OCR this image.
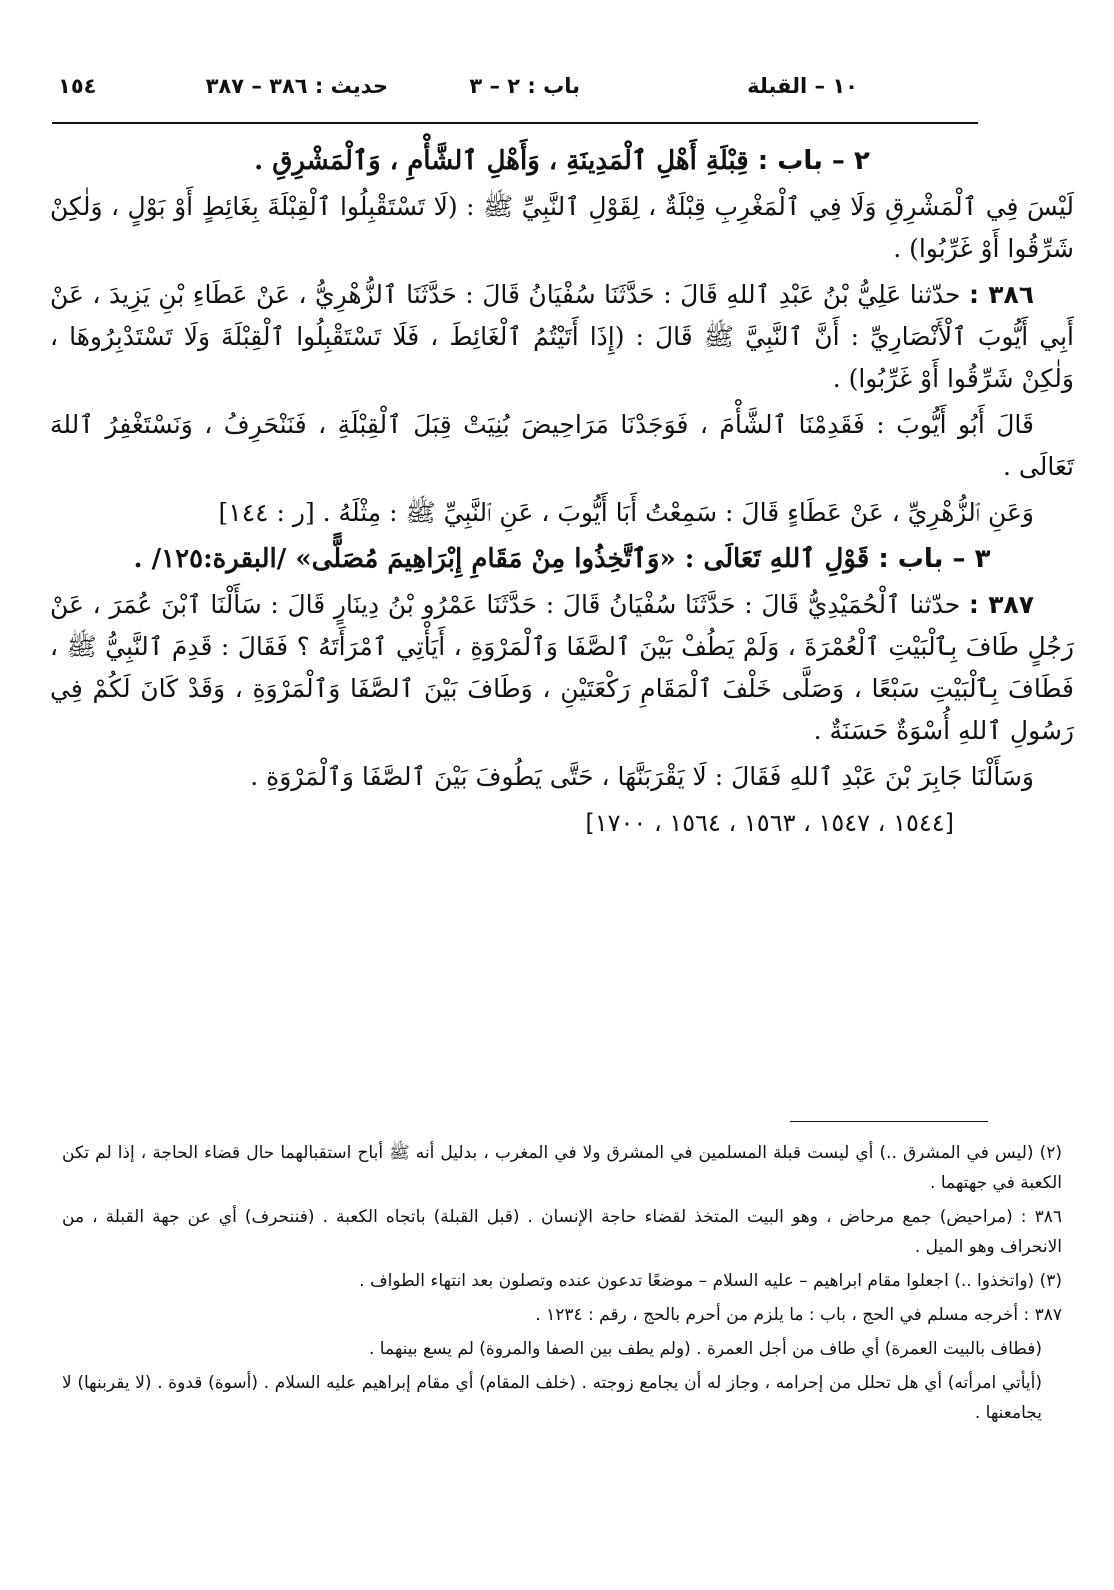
١٠ – القبلة
باب : ٢ – ٣
حديث : ٣٨٦ – ٣٨٧
١٥٤

٢ – باب : قِبْلَةِ أَهْلِ ٱلْمَدِينَةِ ، وَأَهْلِ ٱلشَّأْمِ ، وَٱلْمَشْرِقِ .

لَيْسَ فِي ٱلْمَشْرِقِ وَلَا فِي ٱلْمَغْرِبِ قِبْلَةٌ ، لِقَوْلِ ٱلنَّبِيِّ ﷺ : (لَا تَسْتَقْبِلُوا ٱلْقِبْلَةَ بِغَائِطٍ أَوْ بَوْلٍ ، وَلٰكِنْ شَرِّقُوا أَوْ غَرِّبُوا) .

٣٨٦ : حدّثنا عَلِيُّ بْنُ عَبْدِ ٱللهِ قَالَ : حَدَّثَنَا سُفْيَانُ قَالَ : حَدَّثَنَا ٱلزُّهْرِيُّ ، عَنْ عَطَاءِ بْنِ يَزِيدَ ، عَنْ أَبِي أَيُّوبَ ٱلْأَنْصَارِيِّ : أَنَّ ٱلنَّبِيَّ ﷺ قَالَ : (إِذَا أَتَيْتُمُ ٱلْغَائِطَ ، فَلَا تَسْتَقْبِلُوا ٱلْقِبْلَةَ وَلَا تَسْتَدْبِرُوهَا ، وَلٰكِنْ شَرِّقُوا أَوْ غَرِّبُوا) .

قَالَ أَبُو أَيُّوبَ : فَقَدِمْنَا ٱلشَّأْمَ ، فَوَجَدْنَا مَرَاحِيضَ بُنِيَتْ قِبَلَ ٱلْقِبْلَةِ ، فَنَنْحَرِفُ ، وَنَسْتَغْفِرُ ٱللهَ تَعَالَى .

وَعَنِ ٱلزُّهْرِيِّ ، عَنْ عَطَاءٍ قَالَ : سَمِعْتُ أَبَا أَيُّوبَ ، عَنِ ٱلنَّبِيِّ ﷺ : مِثْلَهُ . [ر : ١٤٤]

٣ – باب : قَوْلِ ٱللهِ تَعَالَى : «وَٱتَّخِذُوا مِنْ مَقَامِ إِبْرَاهِيمَ مُصَلًّى» /البقرة:١٢٥/ .

٣٨٧ : حدّثنا ٱلْحُمَيْدِيُّ قَالَ : حَدَّثَنَا سُفْيَانُ قَالَ : حَدَّثَنَا عَمْرُو بْنُ دِينَارٍ قَالَ : سَأَلْنَا ٱبْنَ عُمَرَ ، عَنْ رَجُلٍ طَافَ بِٱلْبَيْتِ ٱلْعُمْرَةَ ، وَلَمْ يَطُفْ بَيْنَ ٱلصَّفَا وَٱلْمَرْوَةِ ، أَيَأْتِي ٱمْرَأَتَهُ ؟ فَقَالَ : قَدِمَ ٱلنَّبِيُّ ﷺ ، فَطَافَ بِٱلْبَيْتِ سَبْعًا ، وَصَلَّى خَلْفَ ٱلْمَقَامِ رَكْعَتَيْنِ ، وَطَافَ بَيْنَ ٱلصَّفَا وَٱلْمَرْوَةِ ، وَقَدْ كَانَ لَكُمْ فِي رَسُولِ ٱللهِ أُسْوَةٌ حَسَنَةٌ .

وَسَأَلْنَا جَابِرَ بْنَ عَبْدِ ٱللهِ فَقَالَ : لَا يَقْرَبَنَّهَا ، حَتَّى يَطُوفَ بَيْنَ ٱلصَّفَا وَٱلْمَرْوَةِ .

[١٥٤٤ ، ١٥٤٧ ، ١٥٦٣ ، ١٥٦٤ ، ١٧٠٠]

(٢) (ليس في المشرق ..) أي ليست قبلة المسلمين في المشرق ولا في المغرب ، بدليل أنه ﷺ أباح استقبالهما حال قضاء الحاجة ، إذا لم تكن الكعبة في جهتهما .

٣٨٦ : (مراحيض) جمع مرحاض ، وهو البيت المتخذ لقضاء حاجة الإنسان . (قبل القبلة) باتجاه الكعبة . (فننحرف) أي عن جهة القبلة ، من الانحراف وهو الميل .

(٣) (واتخذوا ..) اجعلوا مقام ابراهيم – عليه السلام – موضعًا تدعون عنده وتصلون بعد انتهاء الطواف .

٣٨٧ : أخرجه مسلم في الحج ، باب : ما يلزم من أحرم بالحج ، رقم : ١٢٣٤ .

(فطاف بالبيت العمرة) أي طاف من أجل العمرة . (ولم يطف بين الصفا والمروة) لم يسع بينهما .

(أيأتي امرأته) أي هل تحلل من إحرامه ، وجاز له أن يجامع زوجته . (خلف المقام) أي مقام إبراهيم عليه السلام . (أسوة) قدوة . (لا يقربنها) لا يجامعنها .
